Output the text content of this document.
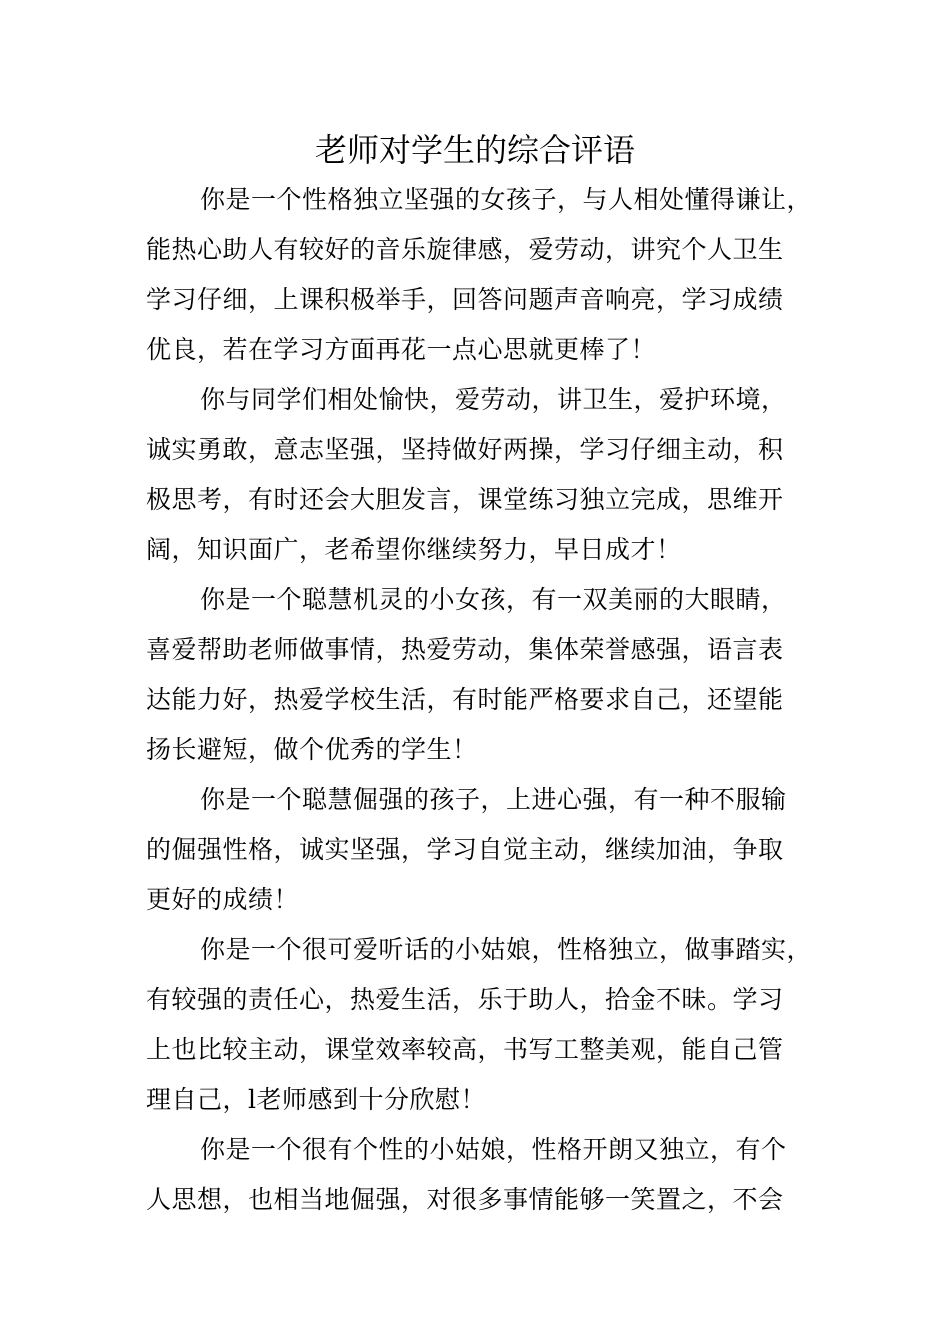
老师对学生的综合评语
你是一个性格独立坚强的女孩子，与人相处懂得谦让，
能热心助人有较好的音乐旋律感，爱劳动，讲究个人卫生
学习仔细，上课积极举手，回答问题声音响亮，学习成绩
优良，若在学习方面再花一点心思就更棒了！
你与同学们相处愉快，爱劳动，讲卫生，爱护环境，
诚实勇敢，意志坚强，坚持做好两操，学习仔细主动，积
极思考，有时还会大胆发言，课堂练习独立完成，思维开
阔，知识面广，老希望你继续努力，早日成才！
你是一个聪慧机灵的小女孩，有一双美丽的大眼睛，
喜爱帮助老师做事情，热爱劳动，集体荣誉感强，语言表
达能力好，热爱学校生活，有时能严格要求自己，还望能
扬长避短，做个优秀的学生！
你是一个聪慧倔强的孩子，上进心强，有一种不服输
的倔强性格，诚实坚强，学习自觉主动，继续加油，争取
更好的成绩！
你是一个很可爱听话的小姑娘，性格独立，做事踏实，
有较强的责任心，热爱生活，乐于助人，拾金不昧。学习
上也比较主动，课堂效率较高，书写工整美观，能自己管
理自己，l老师感到十分欣慰！
你是一个很有个性的小姑娘，性格开朗又独立，有个
人思想，也相当地倔强，对很多事情能够一笑置之，不会
